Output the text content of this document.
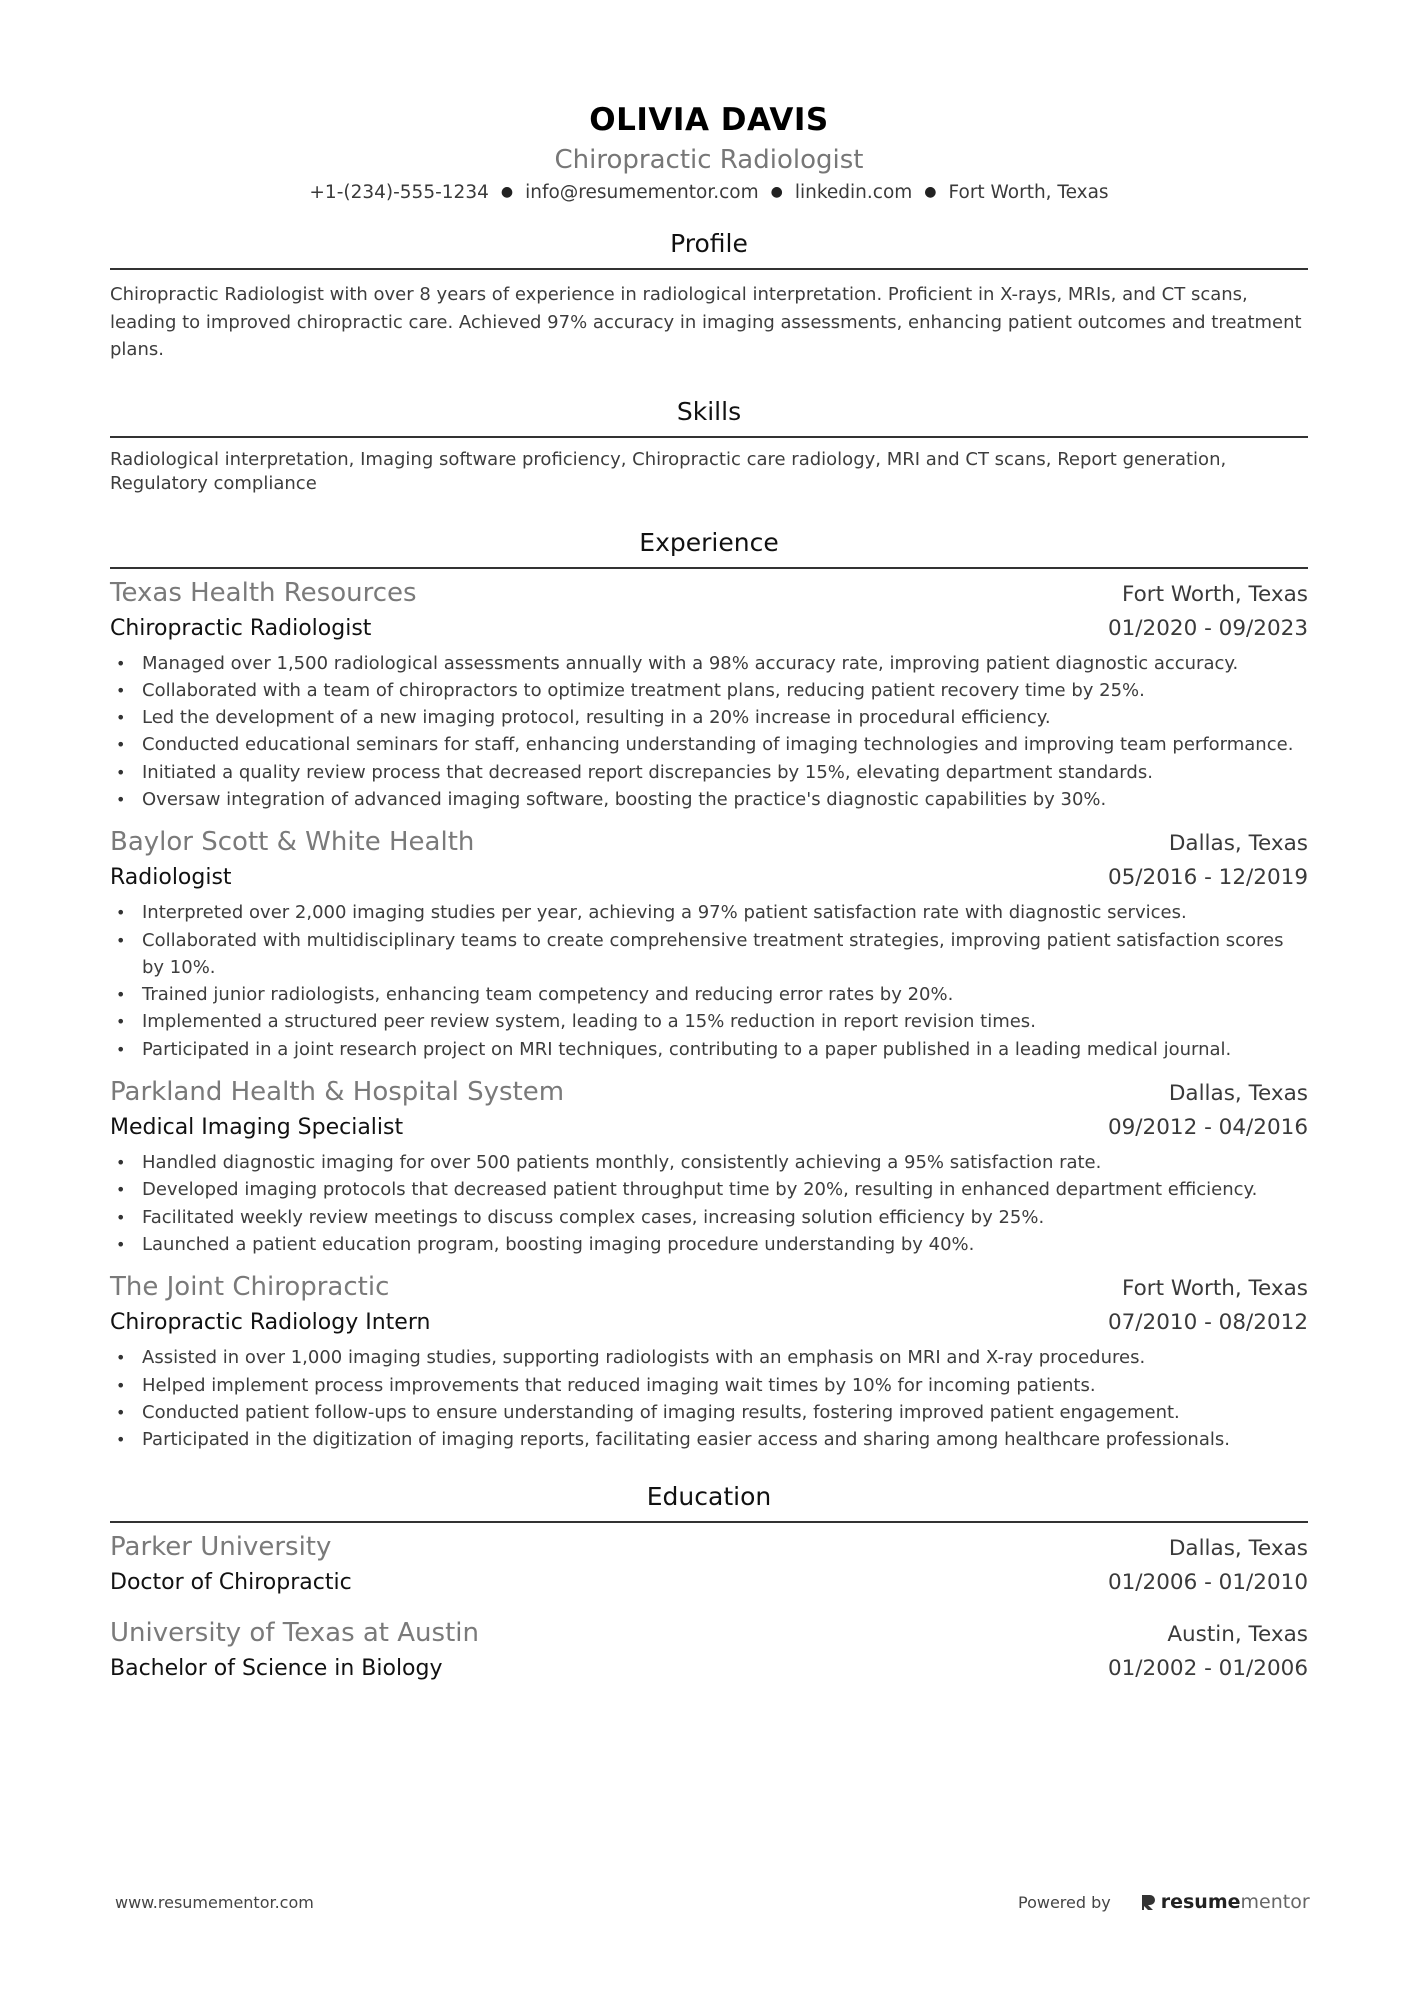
OLIVIA DAVIS
Chiropractic Radiologist
+1-(234)-555-1234 ● info@resumementor.com ● linkedin.com ● Fort Worth, Texas
Profile
Chiropractic Radiologist with over 8 years of experience in radiological interpretation. Proficient in X-rays, MRIs, and CT scans, leading to improved chiropractic care. Achieved 97% accuracy in imaging assessments, enhancing patient outcomes and treatment plans.
Skills
Radiological interpretation, Imaging software proficiency, Chiropractic care radiology, MRI and CT scans, Report generation, Regulatory compliance
Experience
Texas Health Resources	Fort Worth, Texas
Chiropractic Radiologist	01/2020 - 09/2023
• Managed over 1,500 radiological assessments annually with a 98% accuracy rate, improving patient diagnostic accuracy.
• Collaborated with a team of chiropractors to optimize treatment plans, reducing patient recovery time by 25%.
• Led the development of a new imaging protocol, resulting in a 20% increase in procedural efficiency.
• Conducted educational seminars for staff, enhancing understanding of imaging technologies and improving team performance.
• Initiated a quality review process that decreased report discrepancies by 15%, elevating department standards.
• Oversaw integration of advanced imaging software, boosting the practice's diagnostic capabilities by 30%.
Baylor Scott & White Health	Dallas, Texas
Radiologist	05/2016 - 12/2019
• Interpreted over 2,000 imaging studies per year, achieving a 97% patient satisfaction rate with diagnostic services.
• Collaborated with multidisciplinary teams to create comprehensive treatment strategies, improving patient satisfaction scores by 10%.
• Trained junior radiologists, enhancing team competency and reducing error rates by 20%.
• Implemented a structured peer review system, leading to a 15% reduction in report revision times.
• Participated in a joint research project on MRI techniques, contributing to a paper published in a leading medical journal.
Parkland Health & Hospital System	Dallas, Texas
Medical Imaging Specialist	09/2012 - 04/2016
• Handled diagnostic imaging for over 500 patients monthly, consistently achieving a 95% satisfaction rate.
• Developed imaging protocols that decreased patient throughput time by 20%, resulting in enhanced department efficiency.
• Facilitated weekly review meetings to discuss complex cases, increasing solution efficiency by 25%.
• Launched a patient education program, boosting imaging procedure understanding by 40%.
The Joint Chiropractic	Fort Worth, Texas
Chiropractic Radiology Intern	07/2010 - 08/2012
• Assisted in over 1,000 imaging studies, supporting radiologists with an emphasis on MRI and X-ray procedures.
• Helped implement process improvements that reduced imaging wait times by 10% for incoming patients.
• Conducted patient follow-ups to ensure understanding of imaging results, fostering improved patient engagement.
• Participated in the digitization of imaging reports, facilitating easier access and sharing among healthcare professionals.
Education
Parker University	Dallas, Texas
Doctor of Chiropractic	01/2006 - 01/2010
University of Texas at Austin	Austin, Texas
Bachelor of Science in Biology	01/2002 - 01/2006
www.resumementor.com	Powered by	resume mentor
